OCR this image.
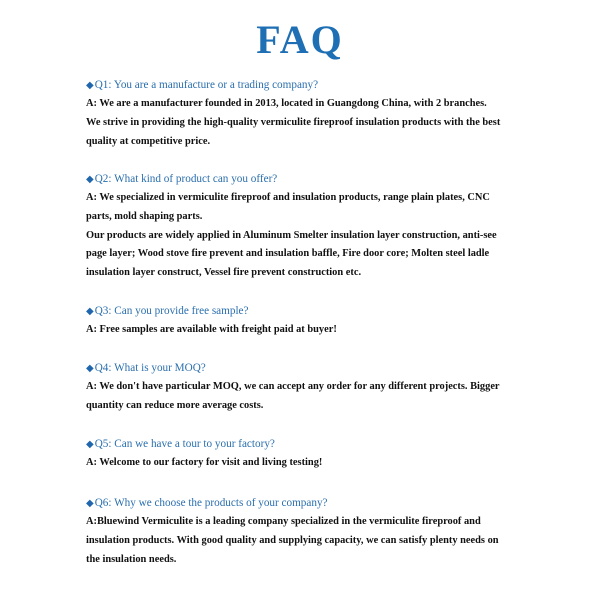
FAQ
◆Q1: You are a manufacture or a trading company?

A: We are a manufacturer founded in 2013, located in Guangdong China, with 2 branches.

We strive in providing the high-quality vermiculite fireproof insulation products with the best

quality at competitive price.

◆Q2: What kind of product can you offer?

A: We specialized in vermiculite fireproof and insulation products, range plain plates, CNC

parts, mold shaping parts.

Our products are widely applied in Aluminum Smelter insulation layer construction, anti-see

page layer; Wood stove fire prevent and insulation baffle, Fire door core; Molten steel ladle

insulation layer construct, Vessel fire prevent construction etc.

◆Q3: Can you provide free sample?

A: Free samples are available with freight paid at buyer!

◆Q4: What is your MOQ?

A: We don't have particular MOQ, we can accept any order for any different projects. Bigger

quantity can reduce more average costs.

◆Q5: Can we have a tour to your factory?

A: Welcome to our factory for visit and living testing!

◆Q6: Why we choose the products of your company?

A:Bluewind Vermiculite is a leading company specialized in the vermiculite fireproof and

insulation products. With good quality and supplying capacity, we can satisfy plenty needs on

the insulation needs.
